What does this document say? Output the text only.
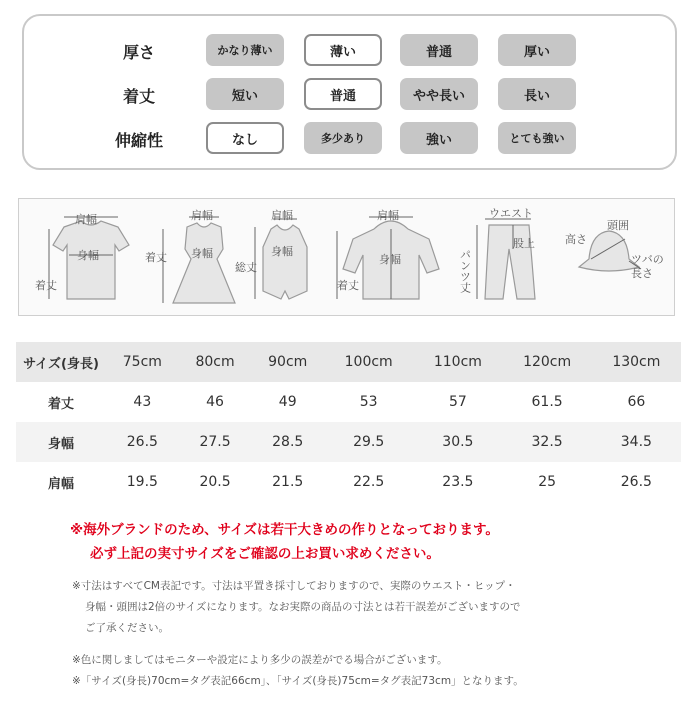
厚さ	かなり薄い	薄い	普通	厚い
着丈	短い	普通	やや長い	長い
伸縮性	なし	多少あり	強い	とても強い
肩幅
身幅
着丈
肩幅
身幅
着丈
肩幅
身幅
総丈
肩幅
身幅
着丈
ウエスト
股上
パンツ丈
高さ
頭囲
ツバの
長さ
サイズ(身長)	75cm	80cm	90cm	100cm	110cm	120cm	130cm
着丈	43	46	49	53	57	61.5	66
身幅	26.5	27.5	28.5	29.5	30.5	32.5	34.5
肩幅	19.5	20.5	21.5	22.5	23.5	25	26.5
※海外ブランドのため、サイズは若干大きめの作りとなっております。
必ず上記の実寸サイズをご確認の上お買い求めください。
※寸法はすべてCM表記です。寸法は平置き採寸しておりますので、実際のウエスト・ヒップ・
身幅・頭囲は2倍のサイズになります。なお実際の商品の寸法とは若干誤差がございますので
ご了承ください。
※色に関しましてはモニターや設定により多少の誤差がでる場合がございます。
※「サイズ(身長)70cm=タグ表記66cm」、「サイズ(身長)75cm=タグ表記73cm」となります。
